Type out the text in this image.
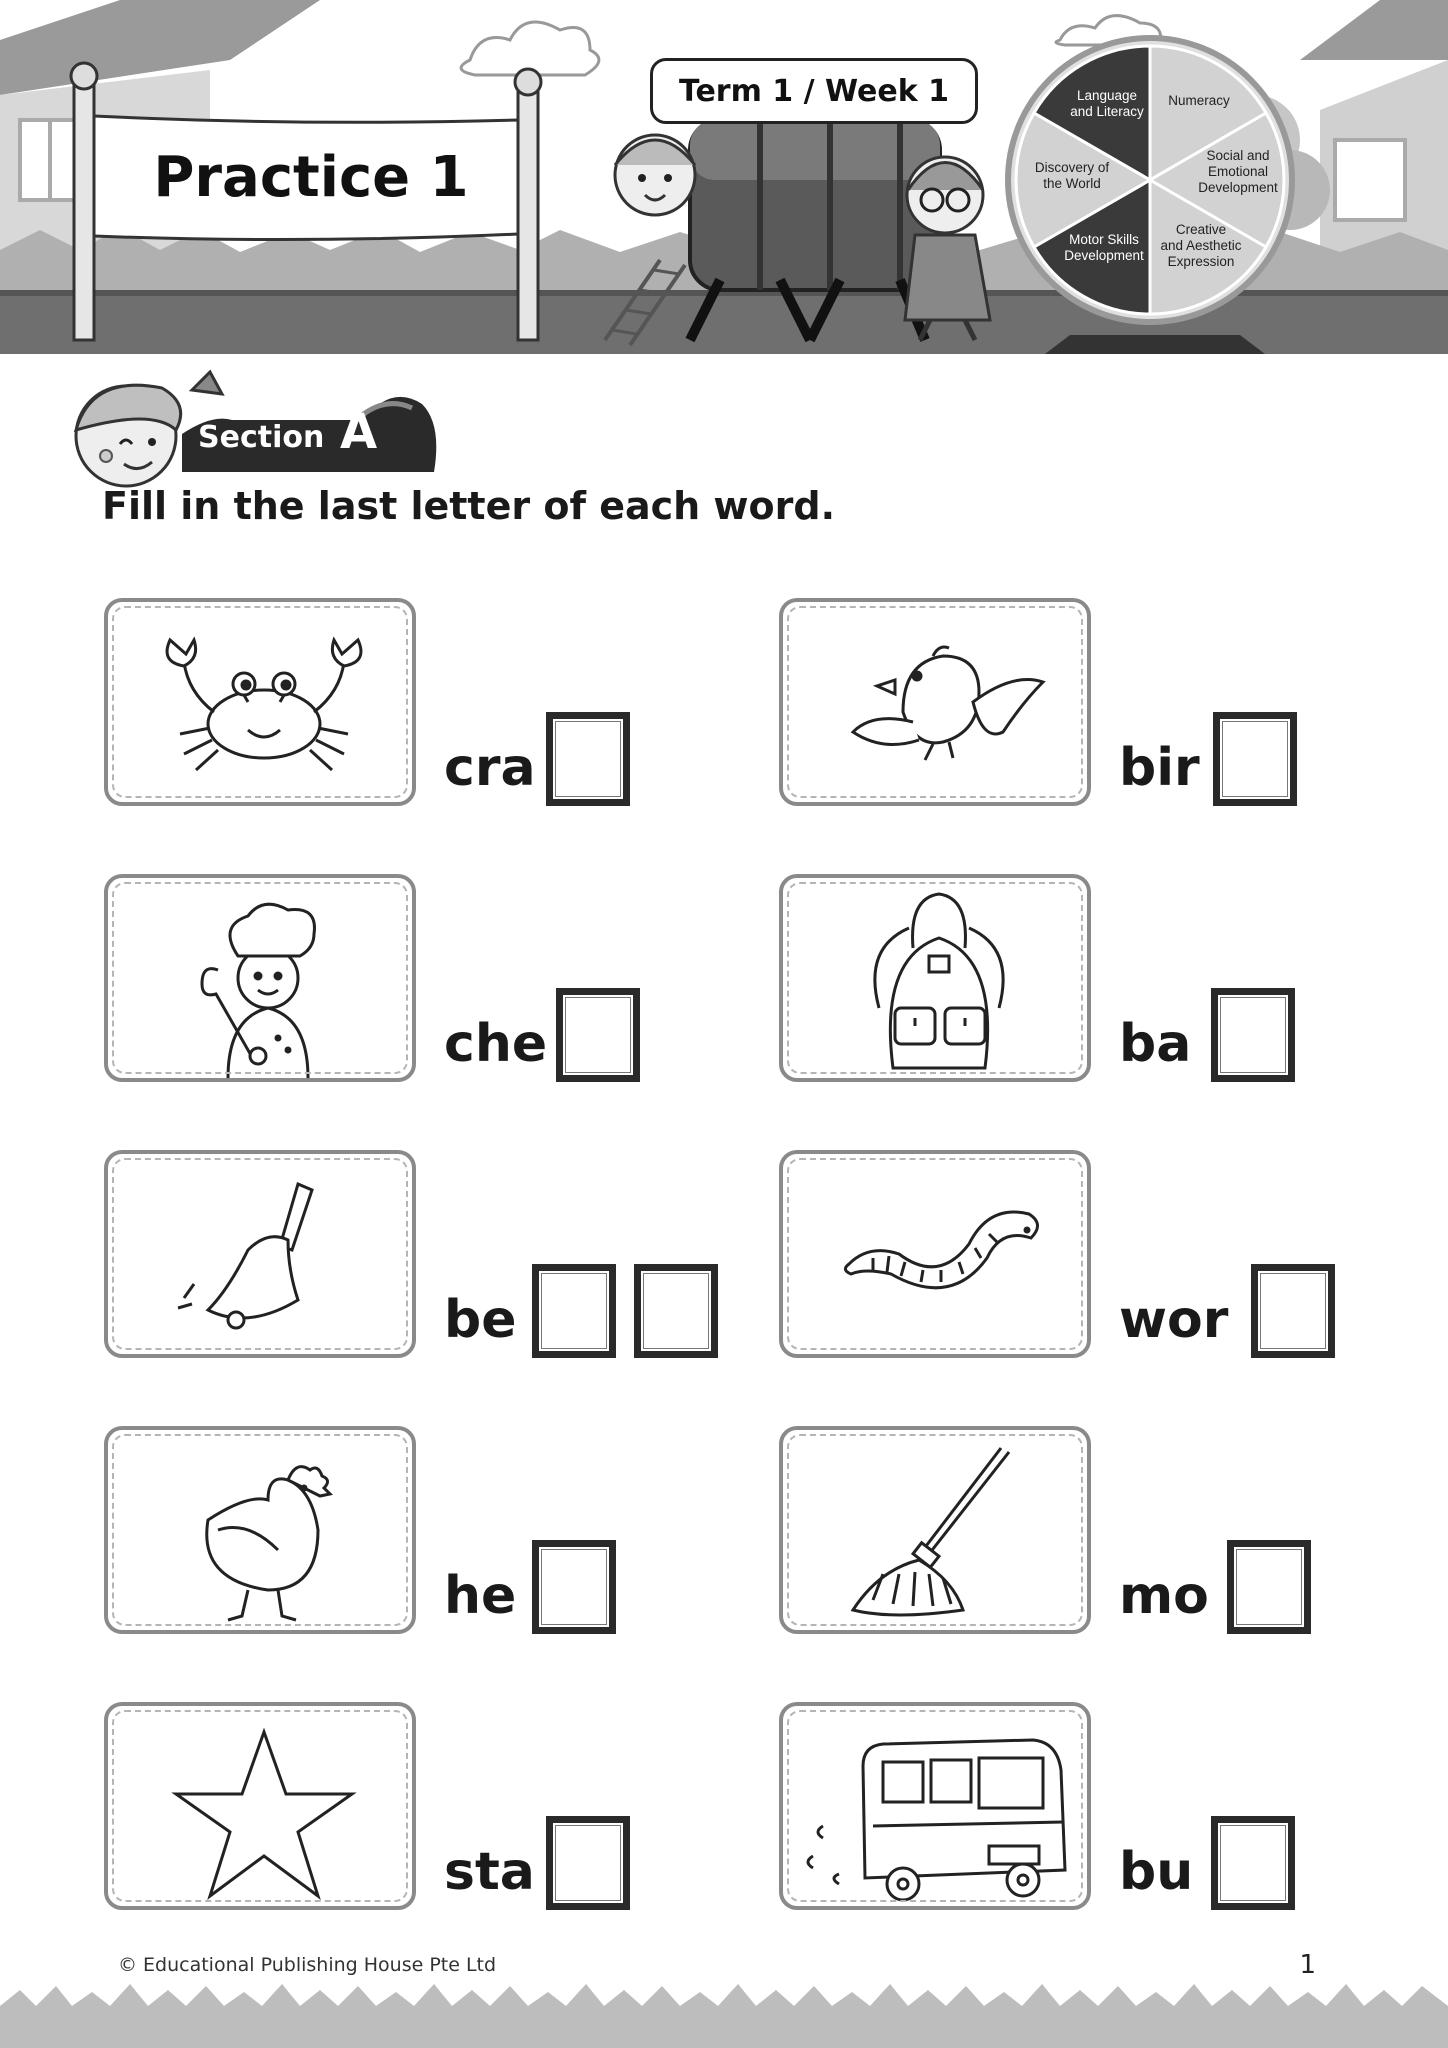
Practice 1
Term 1 / Week 1	Language
and Literacy
Numeracy
Social and
Emotional
Development
Creative
and Aesthetic
Expression
Motor Skills
Development
Discovery of
the World
Section A
Fill in the last letter of each word.
cra	bir
che	ba
be	wor
he	mo
sta	bu
© Educational Publishing House Pte Ltd	1
